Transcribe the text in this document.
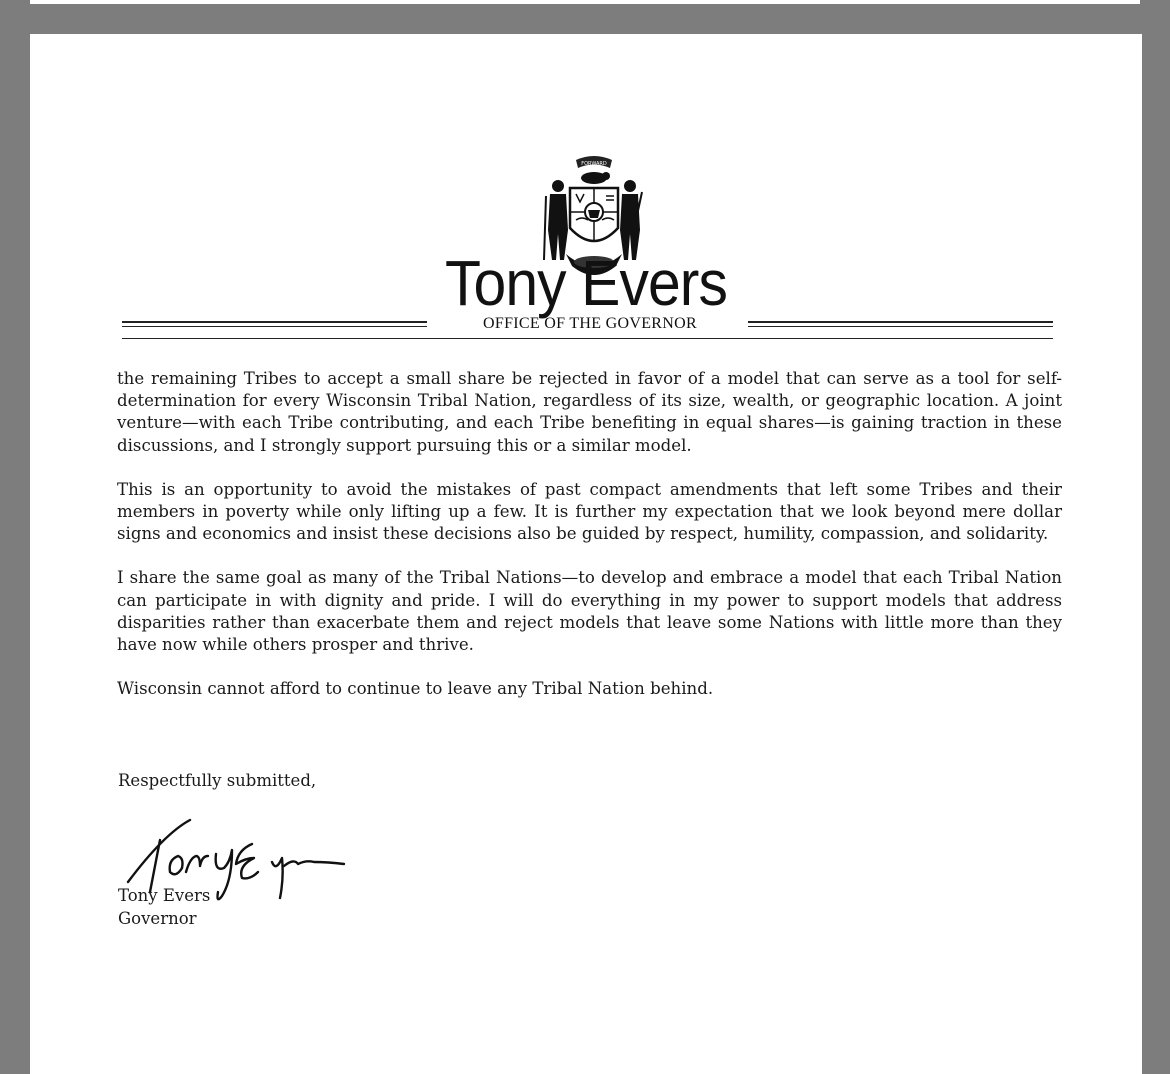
FORWARD
Tony Evers
OFFICE OF THE GOVERNOR

the remaining Tribes to accept a small share be rejected in favor of a model that can serve as a tool for self-determination for every Wisconsin Tribal Nation, regardless of its size, wealth, or geographic location. A joint venture—with each Tribe contributing, and each Tribe benefiting in equal shares—is gaining traction in these discussions, and I strongly support pursuing this or a similar model.

This is an opportunity to avoid the mistakes of past compact amendments that left some Tribes and their members in poverty while only lifting up a few. It is further my expectation that we look beyond mere dollar signs and economics and insist these decisions also be guided by respect, humility, compassion, and solidarity.

I share the same goal as many of the Tribal Nations—to develop and embrace a model that each Tribal Nation can participate in with dignity and pride. I will do everything in my power to support models that address disparities rather than exacerbate them and reject models that leave some Nations with little more than they have now while others prosper and thrive.

Wisconsin cannot afford to continue to leave any Tribal Nation behind.

Respectfully submitted,
Tony Evers
Governor
